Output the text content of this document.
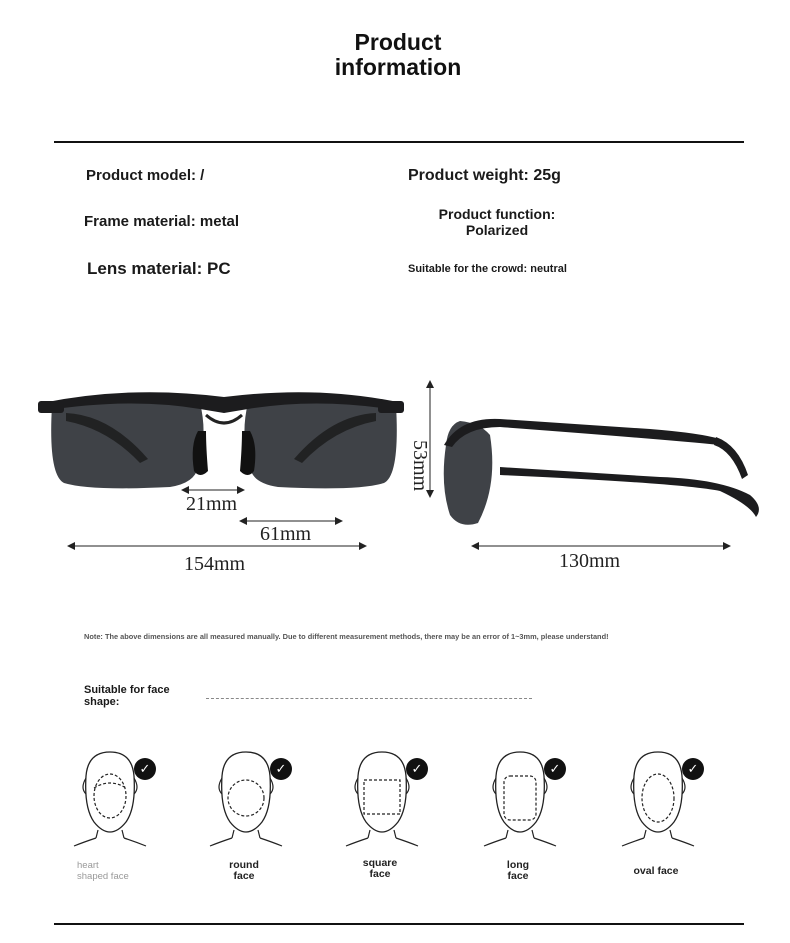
Product
information
Product model: /	Product weight: 25g
Frame material: metal	Product function:
Polarized
Lens material: PC	Suitable for the crowd: neutral
21mm
61mm
154mm
53mm
130mm
Note: The above dimensions are all measured manually. Due to different measurement methods, there may be an error of 1~3mm, please understand!
Suitable for face
shape:
✓	✓	✓	✓	✓
heart
shaped face
round
face
square
face
long
face	oval face
